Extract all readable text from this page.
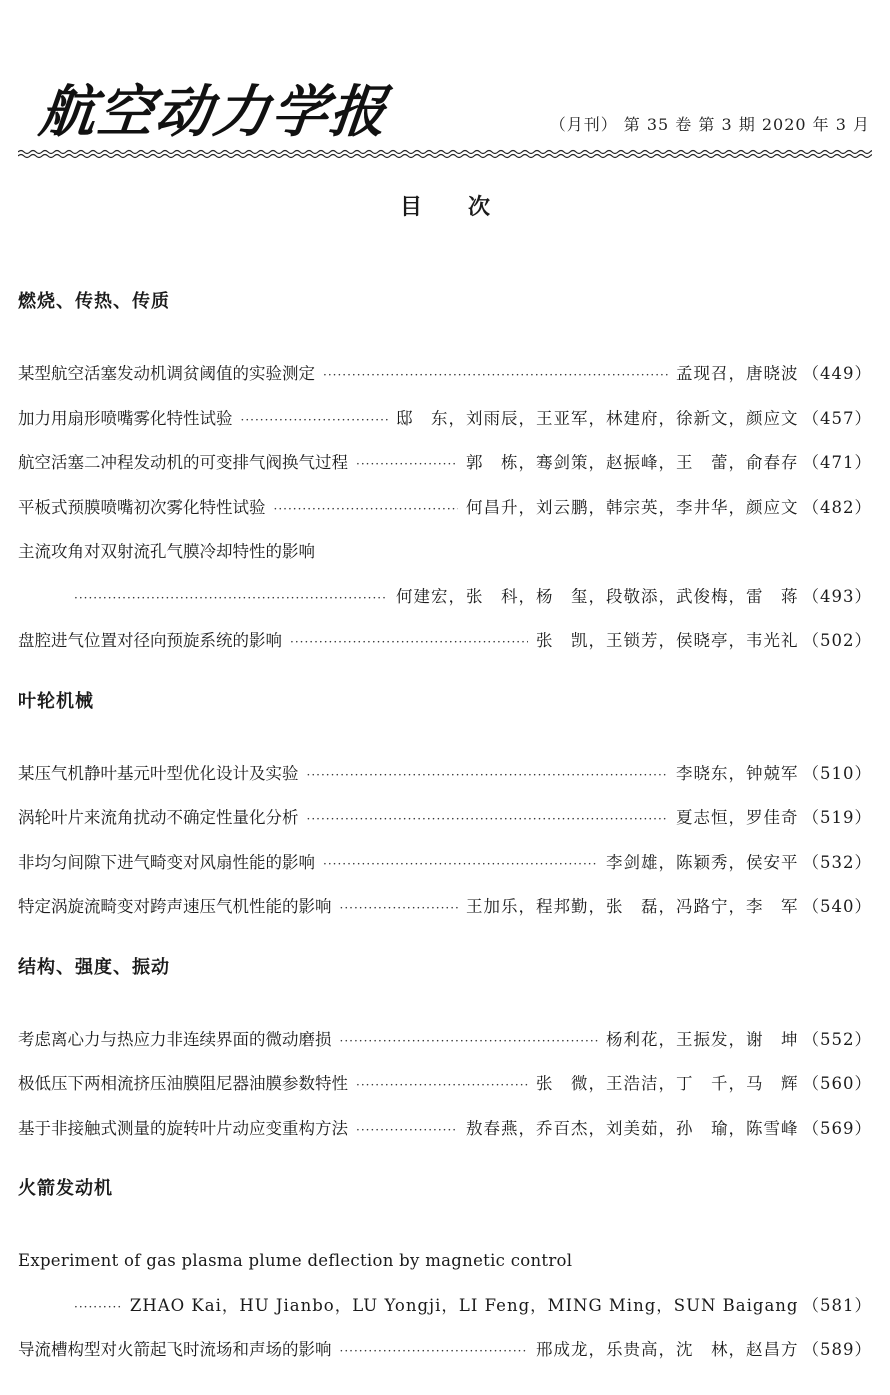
航空动力学报	（月刊） 第 35 卷 第 3 期 2020 年 3 月
目次
燃烧、传热、传质
某型航空活塞发动机调贫阈值的实验测定 ·····	孟现召，唐晓波 （449）
加力用扇形喷嘴雾化特性试验 ·····	邸　东，刘雨辰，王亚军，林建府，徐新文，颜应文 （457）
航空活塞二冲程发动机的可变排气阀换气过程 ·····	郭　栋，骞剑策，赵振峰，王　蕾，俞春存 （471）
平板式预膜喷嘴初次雾化特性试验 ·····	何昌升，刘云鹏，韩宗英，李井华，颜应文 （482）
主流攻角对双射流孔气膜冷却特性的影响
·····
何建宏，张　科，杨　玺，段敬添，武俊梅，雷　蒋 （493）
盘腔进气位置对径向预旋系统的影响 ·····	张　凯，王锁芳，侯晓亭，韦光礼 （502）
叶轮机械
某压气机静叶基元叶型优化设计及实验 ·····	李晓东，钟兢军 （510）
涡轮叶片来流角扰动不确定性量化分析 ·····	夏志恒，罗佳奇 （519）
非均匀间隙下进气畸变对风扇性能的影响 ·····	李剑雄，陈颖秀，侯安平 （532）
特定涡旋流畸变对跨声速压气机性能的影响 ·····	王加乐，程邦勤，张　磊，冯路宁，李　军 （540）
结构、强度、振动
考虑离心力与热应力非连续界面的微动磨损 ·····	杨利花，王振发，谢　坤 （552）
极低压下两相流挤压油膜阻尼器油膜参数特性 ·····	张　微，王浩洁，丁　千，马　辉 （560）
基于非接触式测量的旋转叶片动应变重构方法 ·····	敖春燕，乔百杰，刘美茹，孙　瑜，陈雪峰 （569）
火箭发动机
Experiment of gas plasma plume deflection by magnetic control
·····
ZHAO Kai，HU Jianbo，LU Yongji，LI Feng，MING Ming，SUN Baigang （581）
导流槽构型对火箭起飞时流场和声场的影响 ·····	邢成龙，乐贵高，沈　林，赵昌方 （589）
